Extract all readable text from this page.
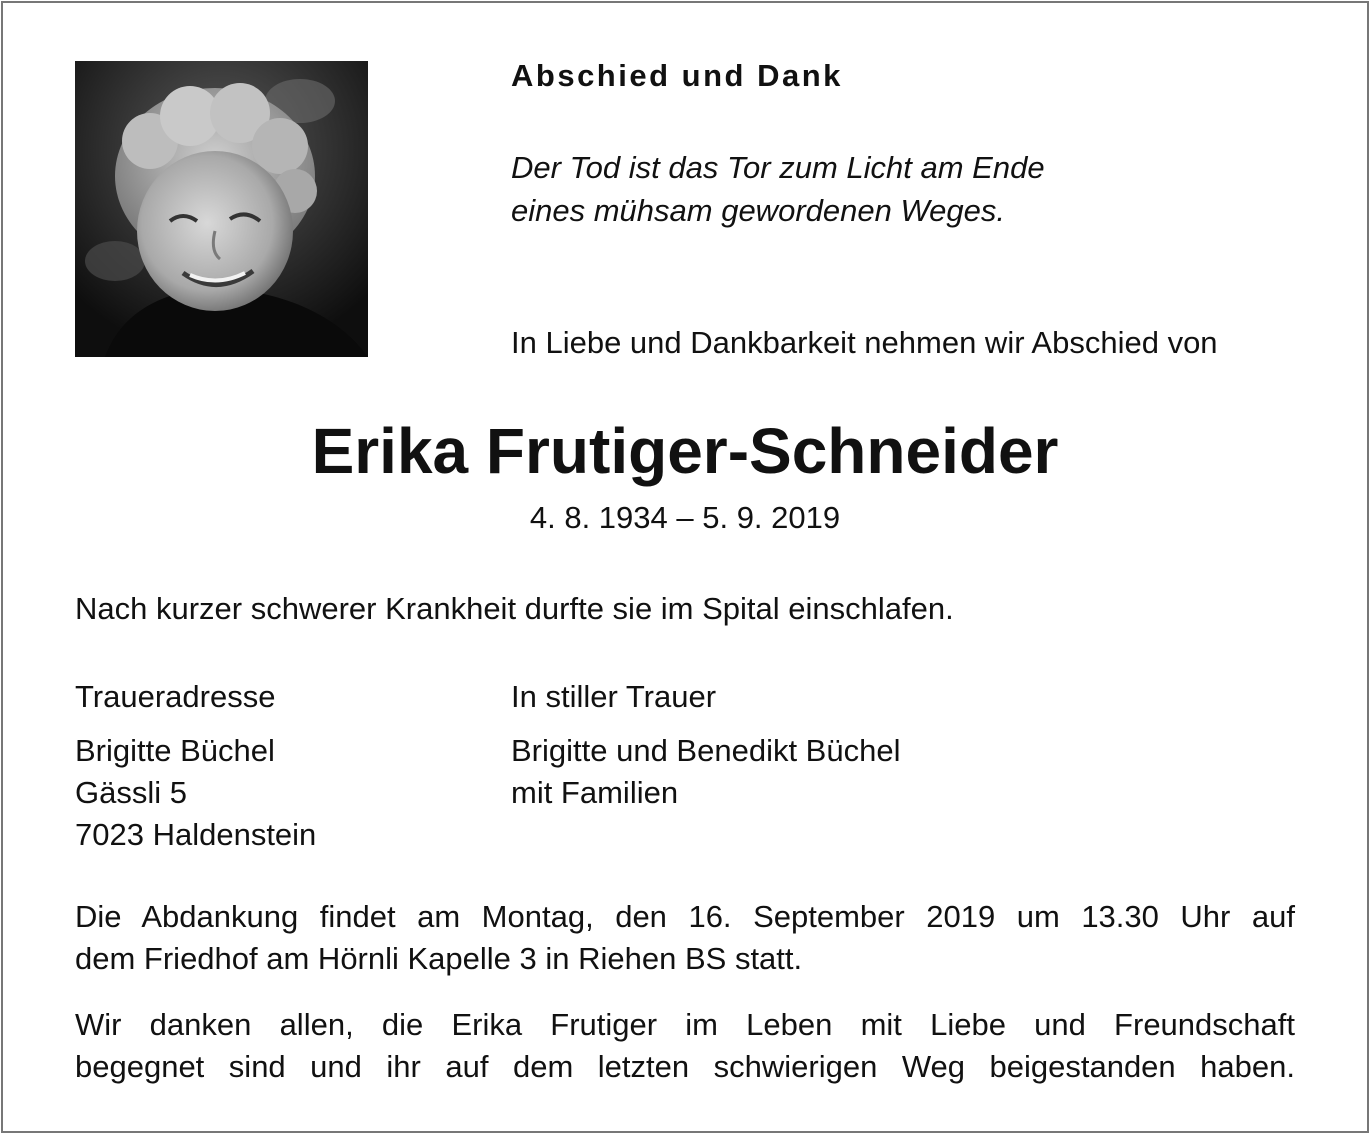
Abschied und Dank
Der Tod ist das Tor zum Licht am Ende
eines mühsam gewordenen Weges.
In Liebe und Dankbarkeit nehmen wir Abschied von
Erika Frutiger-Schneider
4. 8. 1934 – 5. 9. 2019
Nach kurzer schwerer Krankheit durfte sie im Spital einschlafen.
Traueradresse
Brigitte Büchel
Gässli 5
7023 Haldenstein
In stiller Trauer
Brigitte und Benedikt Büchel
mit Familien
Die Abdankung findet am Montag, den 16. September 2019 um 13.30 Uhr auf
dem Friedhof am Hörnli Kapelle 3 in Riehen BS statt.
Wir danken allen, die Erika Frutiger im Leben mit Liebe und Freundschaft
begegnet sind und ihr auf dem letzten schwierigen Weg beigestanden haben.
